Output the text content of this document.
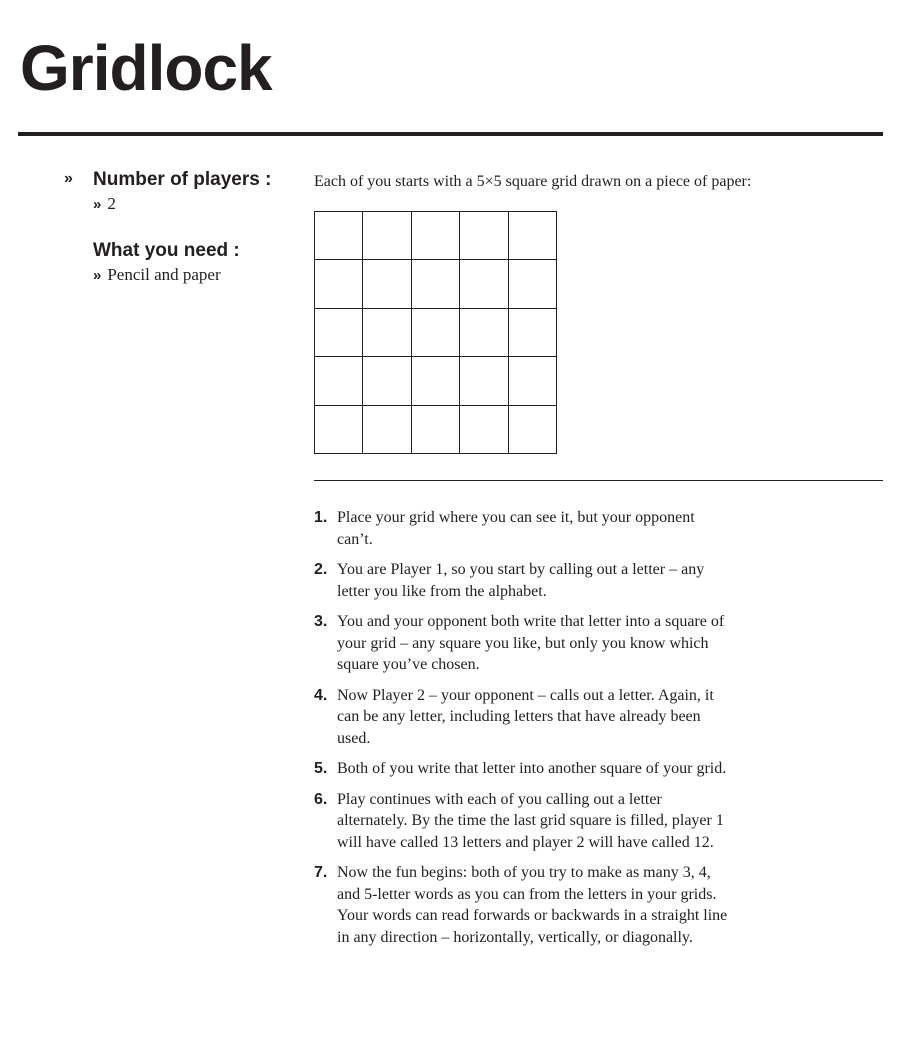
Gridlock
» Number of players :
» 2
What you need :
» Pencil and paper

Each of you starts with a 5×5 square grid drawn on a piece of paper:

1. Place your grid where you can see it, but your opponent can’t.
2. You are Player 1, so you start by calling out a letter – any letter you like from the alphabet.
3. You and your opponent both write that letter into a square of your grid – any square you like, but only you know which square you’ve chosen.
4. Now Player 2 – your opponent – calls out a letter. Again, it can be any letter, including letters that have already been used.
5. Both of you write that letter into another square of your grid.
6. Play continues with each of you calling out a letter alternately. By the time the last grid square is filled, player 1 will have called 13 letters and player 2 will have called 12.
7. Now the fun begins: both of you try to make as many 3, 4, and 5-letter words as you can from the letters in your grids. Your words can read forwards or backwards in a straight line in any direction – horizontally, vertically, or diagonally.
